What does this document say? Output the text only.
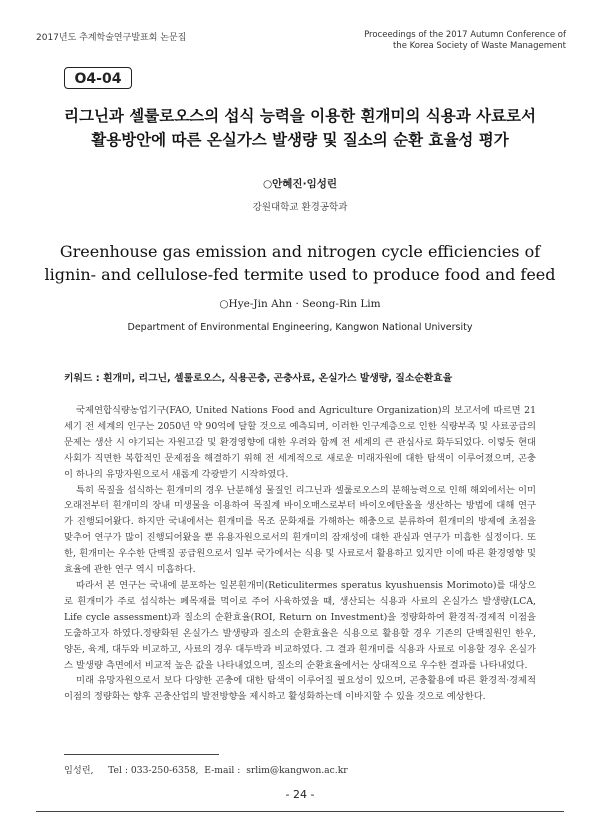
2017년도 추계학술연구발표회 논문집	Proceedings of the 2017 Autumn Conference of
the Korea Society of Waste Management
O4-04
리그닌과 셀룰로오스의 섭식 능력을 이용한 흰개미의 식용과 사료로서
활용방안에 따른 온실가스 발생량 및 질소의 순환 효율성 평가
○안혜진·임성린
강원대학교 환경공학과
Greenhouse gas emission and nitrogen cycle efficiencies of
lignin- and cellulose-fed termite used to produce food and feed
○Hye-Jin Ahn · Seong-Rin Lim
Department of Environmental Engineering, Kangwon National University
키워드 : 흰개미, 리그닌, 셀룰로오스, 식용곤충, 곤충사료, 온실가스 발생량, 질소순환효율

국제연합식량농업기구(FAO, United Nations Food and Agriculture Organization)의 보고서에 따르면 21세기 전 세계의 인구는 2050년 약 90억에 달할 것으로 예측되며, 이러한 인구계층으로 인한 식량부족 및 사료공급의 문제는 생산 시 야기되는 자원고갈 및 환경영향에 대한 우려와 함께 전 세계의 큰 관심사로 화두되었다. 이렇듯 현대사회가 직면한 복합적인 문제점을 해결하기 위해 전 세계적으로 새로운 미래자원에 대한 탐색이 이루어졌으며, 곤충이 하나의 유망자원으로서 새롭게 각광받기 시작하였다.

특히 목질을 섭식하는 흰개미의 경우 난분해성 물질인 리그닌과 셀룰로오스의 분해능력으로 인해 해외에서는 이미 오래전부터 흰개미의 장내 미생물을 이용하여 목질계 바이오매스로부터 바이오에탄올을 생산하는 방법에 대해 연구가 진행되어왔다. 하지만 국내에서는 흰개미를 목조 문화재를 가해하는 해충으로 분류하여 흰개미의 방제에 초점을 맞추어 연구가 많이 진행되어왔을 뿐 유용자원으로서의 흰개미의 잠재성에 대한 관심과 연구가 미흡한 실정이다. 또한, 흰개미는 우수한 단백질 공급원으로서 일부 국가에서는 식용 및 사료로서 활용하고 있지만 이에 따른 환경영향 및 효율에 관한 연구 역시 미흡하다.

따라서 본 연구는 국내에 분포하는 일본흰개미(Reticulitermes speratus kyushuensis Morimoto)를 대상으로 흰개미가 주로 섭식하는 폐목재를 먹이로 주어 사육하였을 때, 생산되는 식용과 사료의 온실가스 발생량(LCA, Life cycle assessment)과 질소의 순환효율(ROI, Return on Investment)을 정량화하여 환경적·경제적 이점을 도출하고자 하였다.정량화된 온실가스 발생량과 질소의 순환효율은 식용으로 활용할 경우 기존의 단백질원인 한우, 양돈, 육계, 대두와 비교하고, 사료의 경우 대두박과 비교하였다. 그 결과 흰개미를 식용과 사료로 이용할 경우 온실가스 발생량 측면에서 비교적 높은 값을 나타내었으며, 질소의 순환효율에서는 상대적으로 우수한 결과를 나타내었다.

미래 유망자원으로서 보다 다양한 곤충에 대한 탐색이 이루어질 필요성이 있으며, 곤충활용에 따른 환경적·경제적 이점의 정량화는 향후 곤충산업의 발전방향을 제시하고 활성화하는데 이바지할 수 있을 것으로 예상한다.

임성린,     Tel : 033-250-6358,  E-mail :  srlim@kangwon.ac.kr
- 24 -
